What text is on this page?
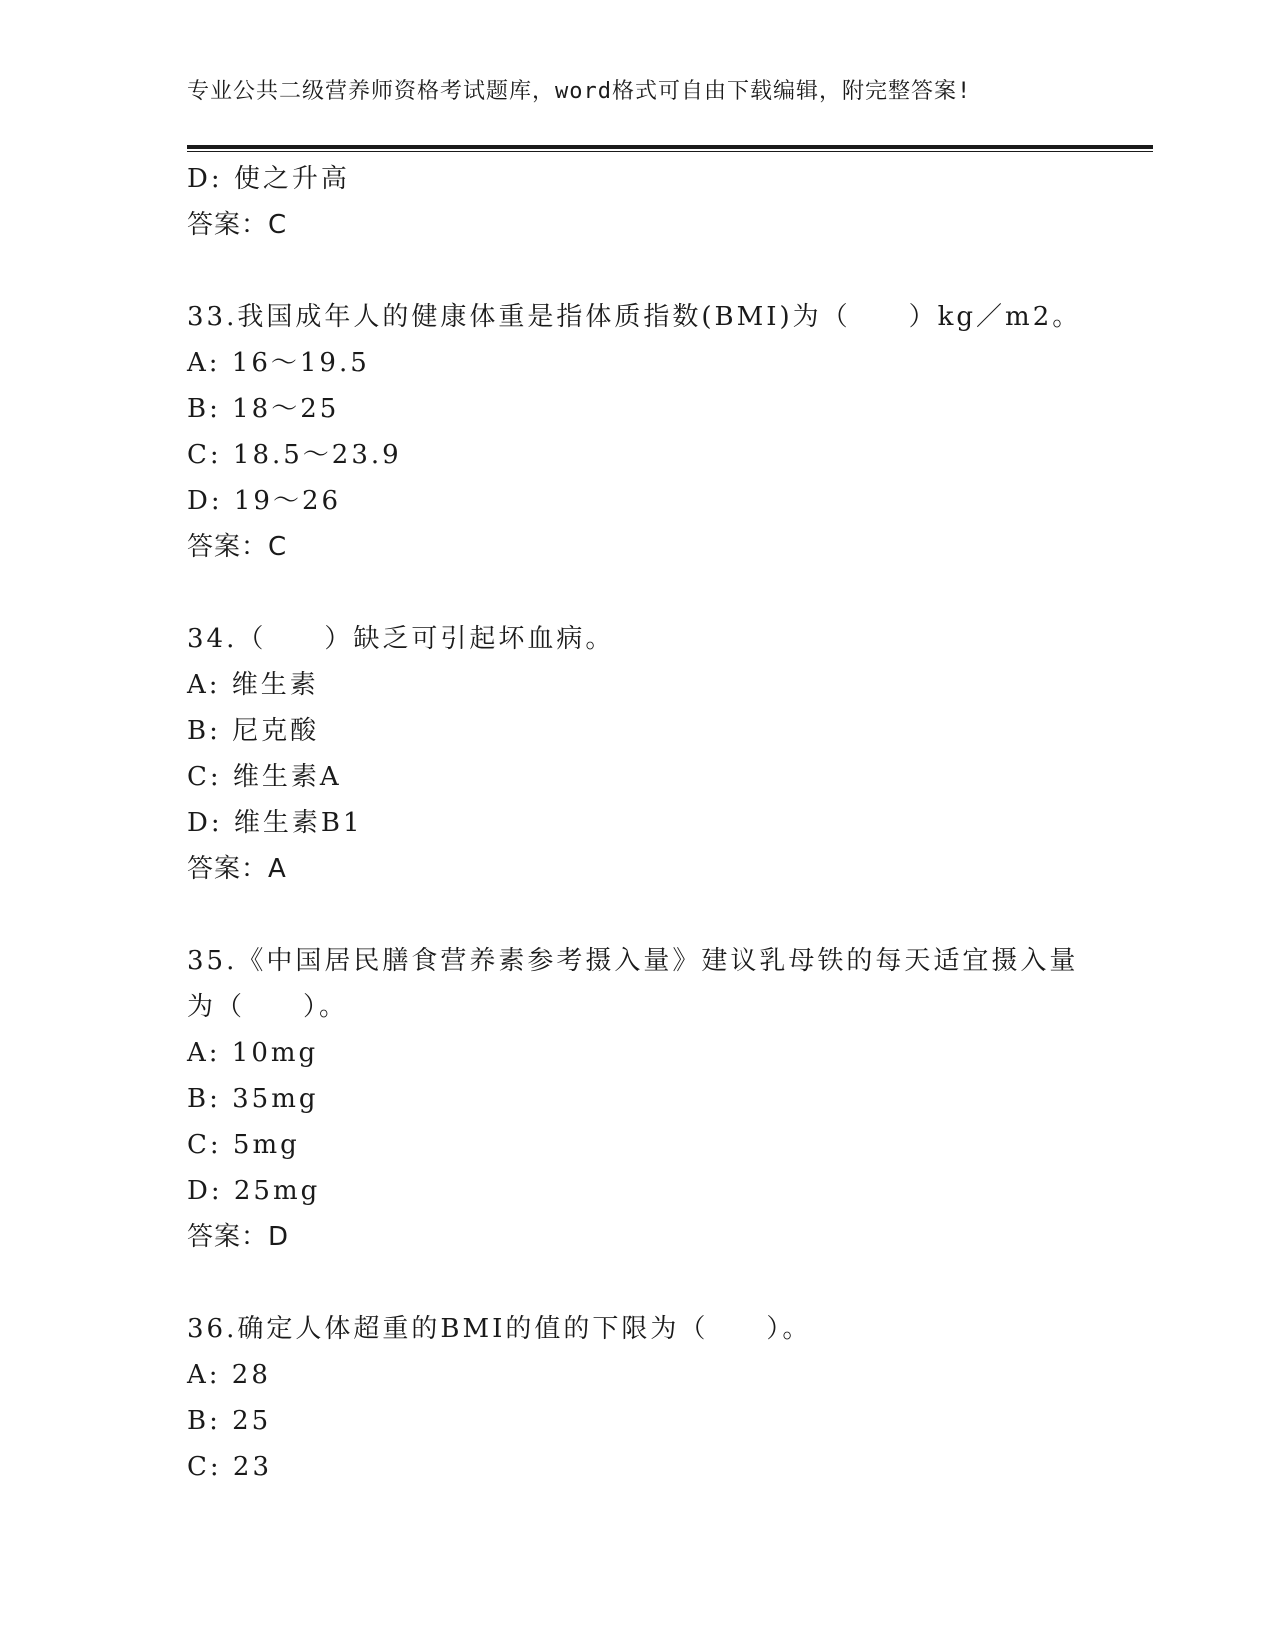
专业公共二级营养师资格考试题库，word格式可自由下载编辑，附完整答案!
D: 使之升高
答案：C
33.我国成年人的健康体重是指体质指数(BMI)为（　　）kg／m2。
A: 16～19.5
B: 18～25
C: 18.5～23.9
D: 19～26
答案：C
34.（　　）缺乏可引起坏血病。
A: 维生素
B: 尼克酸
C: 维生素A
D: 维生素B1
答案：A
35.《中国居民膳食营养素参考摄入量》建议乳母铁的每天适宜摄入量
为（　　）。
A: 10mg
B: 35mg
C: 5mg
D: 25mg
答案：D
36.确定人体超重的BMI的值的下限为（　　）。
A: 28
B: 25
C: 23
